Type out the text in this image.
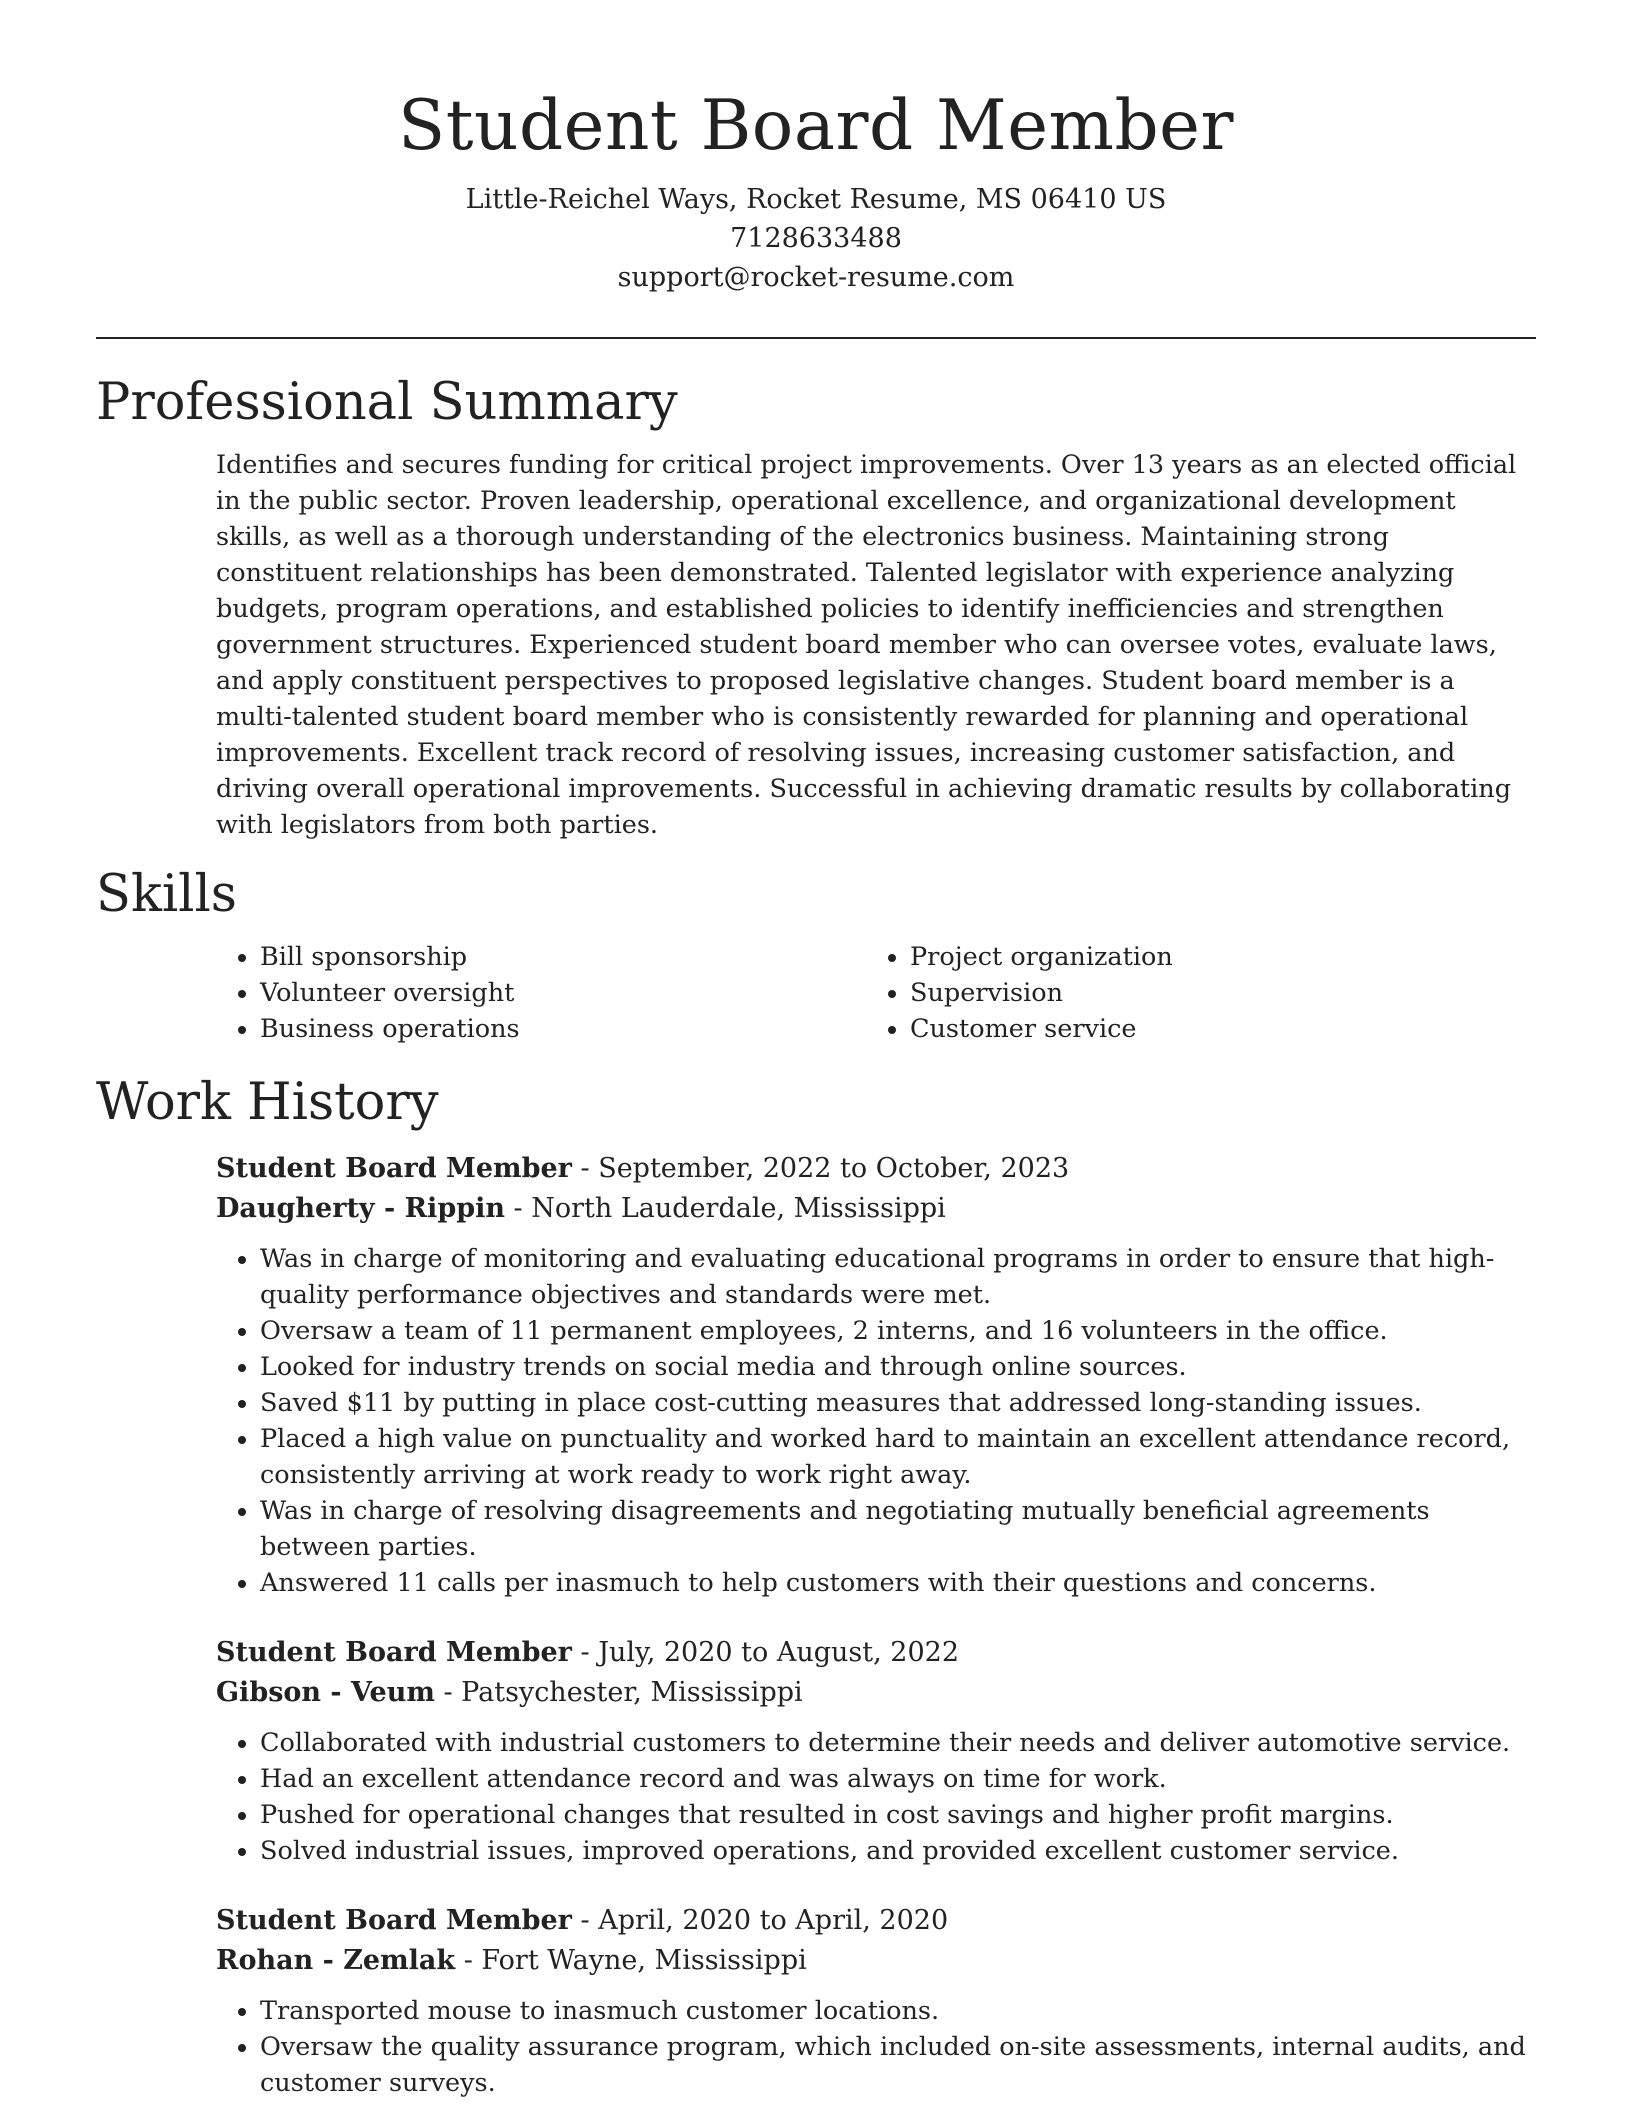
Student Board Member
Little-Reichel Ways, Rocket Resume, MS 06410 US
7128633488
support@rocket-resume.com
Professional Summary

Identifies and secures funding for critical project improvements. Over 13 years as an elected official in the public sector. Proven leadership, operational excellence, and organizational development skills, as well as a thorough understanding of the electronics business. Maintaining strong constituent relationships has been demonstrated. Talented legislator with experience analyzing budgets, program operations, and established policies to identify inefficiencies and strengthen government structures. Experienced student board member who can oversee votes, evaluate laws, and apply constituent perspectives to proposed legislative changes. Student board member is a multi-talented student board member who is consistently rewarded for planning and operational improvements. Excellent track record of resolving issues, increasing customer satisfaction, and driving overall operational improvements. Successful in achieving dramatic results by collaborating with legislators from both parties.

Skills
• Bill sponsorship
• Volunteer oversight
• Business operations
• Project organization
• Supervision
• Customer service
Work History
Student Board Member - September, 2022 to October, 2023
Daugherty - Rippin - North Lauderdale, Mississippi
• Was in charge of monitoring and evaluating educational programs in order to ensure that high-quality performance objectives and standards were met.
• Oversaw a team of 11 permanent employees, 2 interns, and 16 volunteers in the office.
• Looked for industry trends on social media and through online sources.
• Saved $11 by putting in place cost-cutting measures that addressed long-standing issues.
• Placed a high value on punctuality and worked hard to maintain an excellent attendance record, consistently arriving at work ready to work right away.
• Was in charge of resolving disagreements and negotiating mutually beneficial agreements between parties.
• Answered 11 calls per inasmuch to help customers with their questions and concerns.
Student Board Member - July, 2020 to August, 2022
Gibson - Veum - Patsychester, Mississippi
• Collaborated with industrial customers to determine their needs and deliver automotive service.
• Had an excellent attendance record and was always on time for work.
• Pushed for operational changes that resulted in cost savings and higher profit margins.
• Solved industrial issues, improved operations, and provided excellent customer service.
Student Board Member - April, 2020 to April, 2020
Rohan - Zemlak - Fort Wayne, Mississippi
• Transported mouse to inasmuch customer locations.
• Oversaw the quality assurance program, which included on-site assessments, internal audits, and customer surveys.
